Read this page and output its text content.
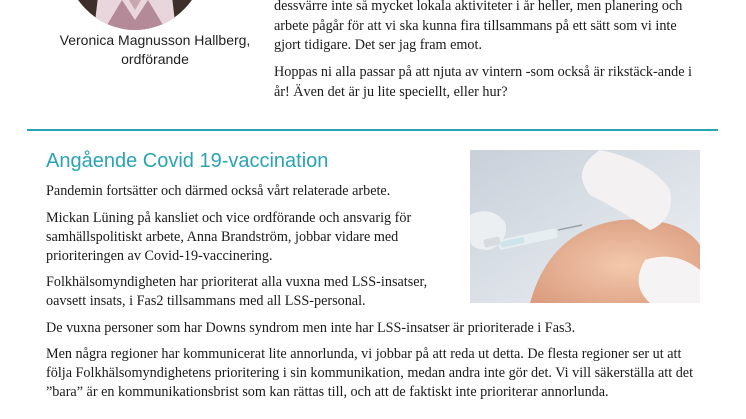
Veronica Magnusson Hallberg,
ordförande

dessvärre inte så mycket lokala aktiviteter i år heller, men planering och arbete pågår för att vi ska kunna fira tillsammans på ett sätt som vi inte gjort tidigare. Det ser jag fram emot.

Hoppas ni alla passar på att njuta av vintern -som också är rikstäck-ande i år! Även det är ju lite speciellt, eller hur?

Angående Covid 19-vaccination

Pandemin fortsätter och därmed också vårt relaterade arbete.

Mickan Lüning på kansliet och vice ordförande och ansvarig för samhällspolitiskt arbete, Anna Brandström, jobbar vidare med prioriteringen av Covid-19-vaccinering.

Folkhälsomyndigheten har prioriterat alla vuxna med LSS-insatser, oavsett insats, i Fas2 tillsammans med all LSS-personal.

De vuxna personer som har Downs syndrom men inte har LSS-insatser är prioriterade i Fas3.

Men några regioner har kommunicerat lite annorlunda, vi jobbar på att reda ut detta. De flesta regioner ser ut att följa Folkhälsomyndighetens prioritering i sin kommunikation, medan andra inte gör det. Vi vill säkerställa att det ”bara” är en kommunikationsbrist som kan rättas till, och att de faktiskt inte prioriterar annorlunda.
